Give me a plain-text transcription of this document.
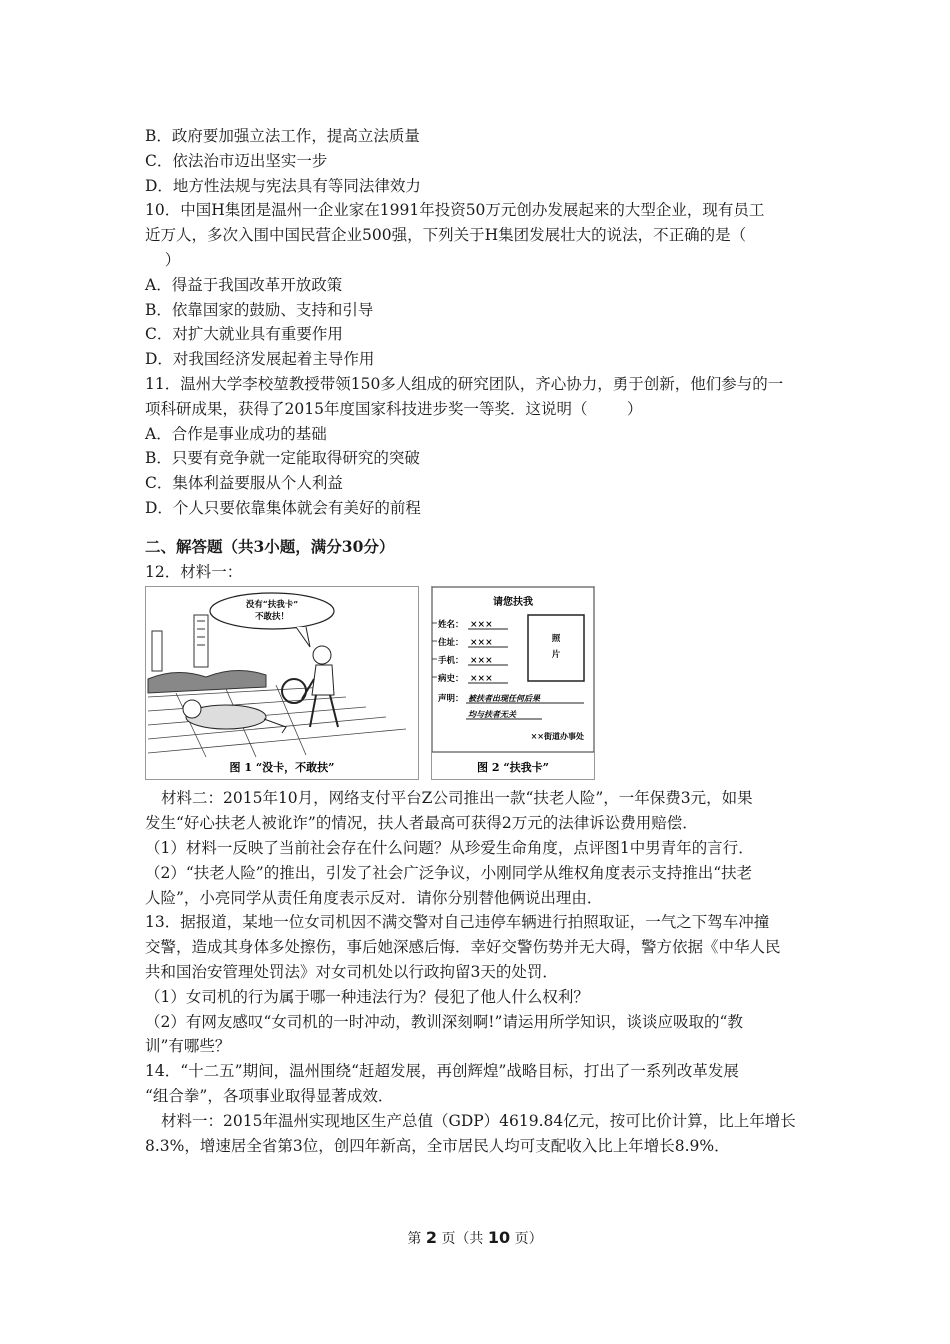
B．政府要加强立法工作，提高立法质量
C．依法治市迈出坚实一步
D．地方性法规与宪法具有等同法律效力
10．中国H集团是温州一企业家在1991年投资50万元创办发展起来的大型企业，现有员工
近万人，多次入围中国民营企业500强，下列关于H集团发展壮大的说法，不正确的是（
）
A．得益于我国改革开放政策
B．依靠国家的鼓励、支持和引导
C．对扩大就业具有重要作用
D．对我国经济发展起着主导作用
11．温州大学李校堃教授带领150多人组成的研究团队，齐心协力，勇于创新，他们参与的一
项科研成果，获得了2015年度国家科技进步奖一等奖．这说明（        ）
A．合作是事业成功的基础
B．只要有竞争就一定能取得研究的突破
C．集体利益要服从个人利益
D．个人只要依靠集体就会有美好的前程
二、解答题（共3小题，满分30分）
12．材料一：
没有“扶我卡”
不敢扶！
图 1 “没卡，不敢扶”
请您扶我
姓名： ×××
住址： ×××
手机： ×××
病史： ×××
照
片
声明： 被扶者出现任何后果
均与扶者无关
××街道办事处
图 2 “扶我卡”
材料二：2015年10月，网络支付平台Z公司推出一款“扶老人险”，一年保费3元，如果
发生“好心扶老人被讹诈”的情况，扶人者最高可获得2万元的法律诉讼费用赔偿．
（1）材料一反映了当前社会存在什么问题？从珍爱生命角度，点评图1中男青年的言行．
（2）“扶老人险”的推出，引发了社会广泛争议，小刚同学从维权角度表示支持推出“扶老
人险”，小亮同学从责任角度表示反对．请你分别替他俩说出理由．
13．据报道，某地一位女司机因不满交警对自己违停车辆进行拍照取证，一气之下驾车冲撞
交警，造成其身体多处擦伤，事后她深感后悔．幸好交警伤势并无大碍，警方依据《中华人民
共和国治安管理处罚法》对女司机处以行政拘留3天的处罚．
（1）女司机的行为属于哪一种违法行为？侵犯了他人什么权利？
（2）有网友感叹“女司机的一时冲动，教训深刻啊!”请运用所学知识，谈谈应吸取的“教
训”有哪些？
14．“十二五”期间，温州围绕“赶超发展，再创辉煌”战略目标，打出了一系列改革发展
“组合拳”，各项事业取得显著成效．
材料一：2015年温州实现地区生产总值（GDP）4619.84亿元，按可比价计算，比上年增长
8.3%，增速居全省第3位，创四年新高，全市居民人均可支配收入比上年增长8.9%．
第 2 页（共 10 页）
